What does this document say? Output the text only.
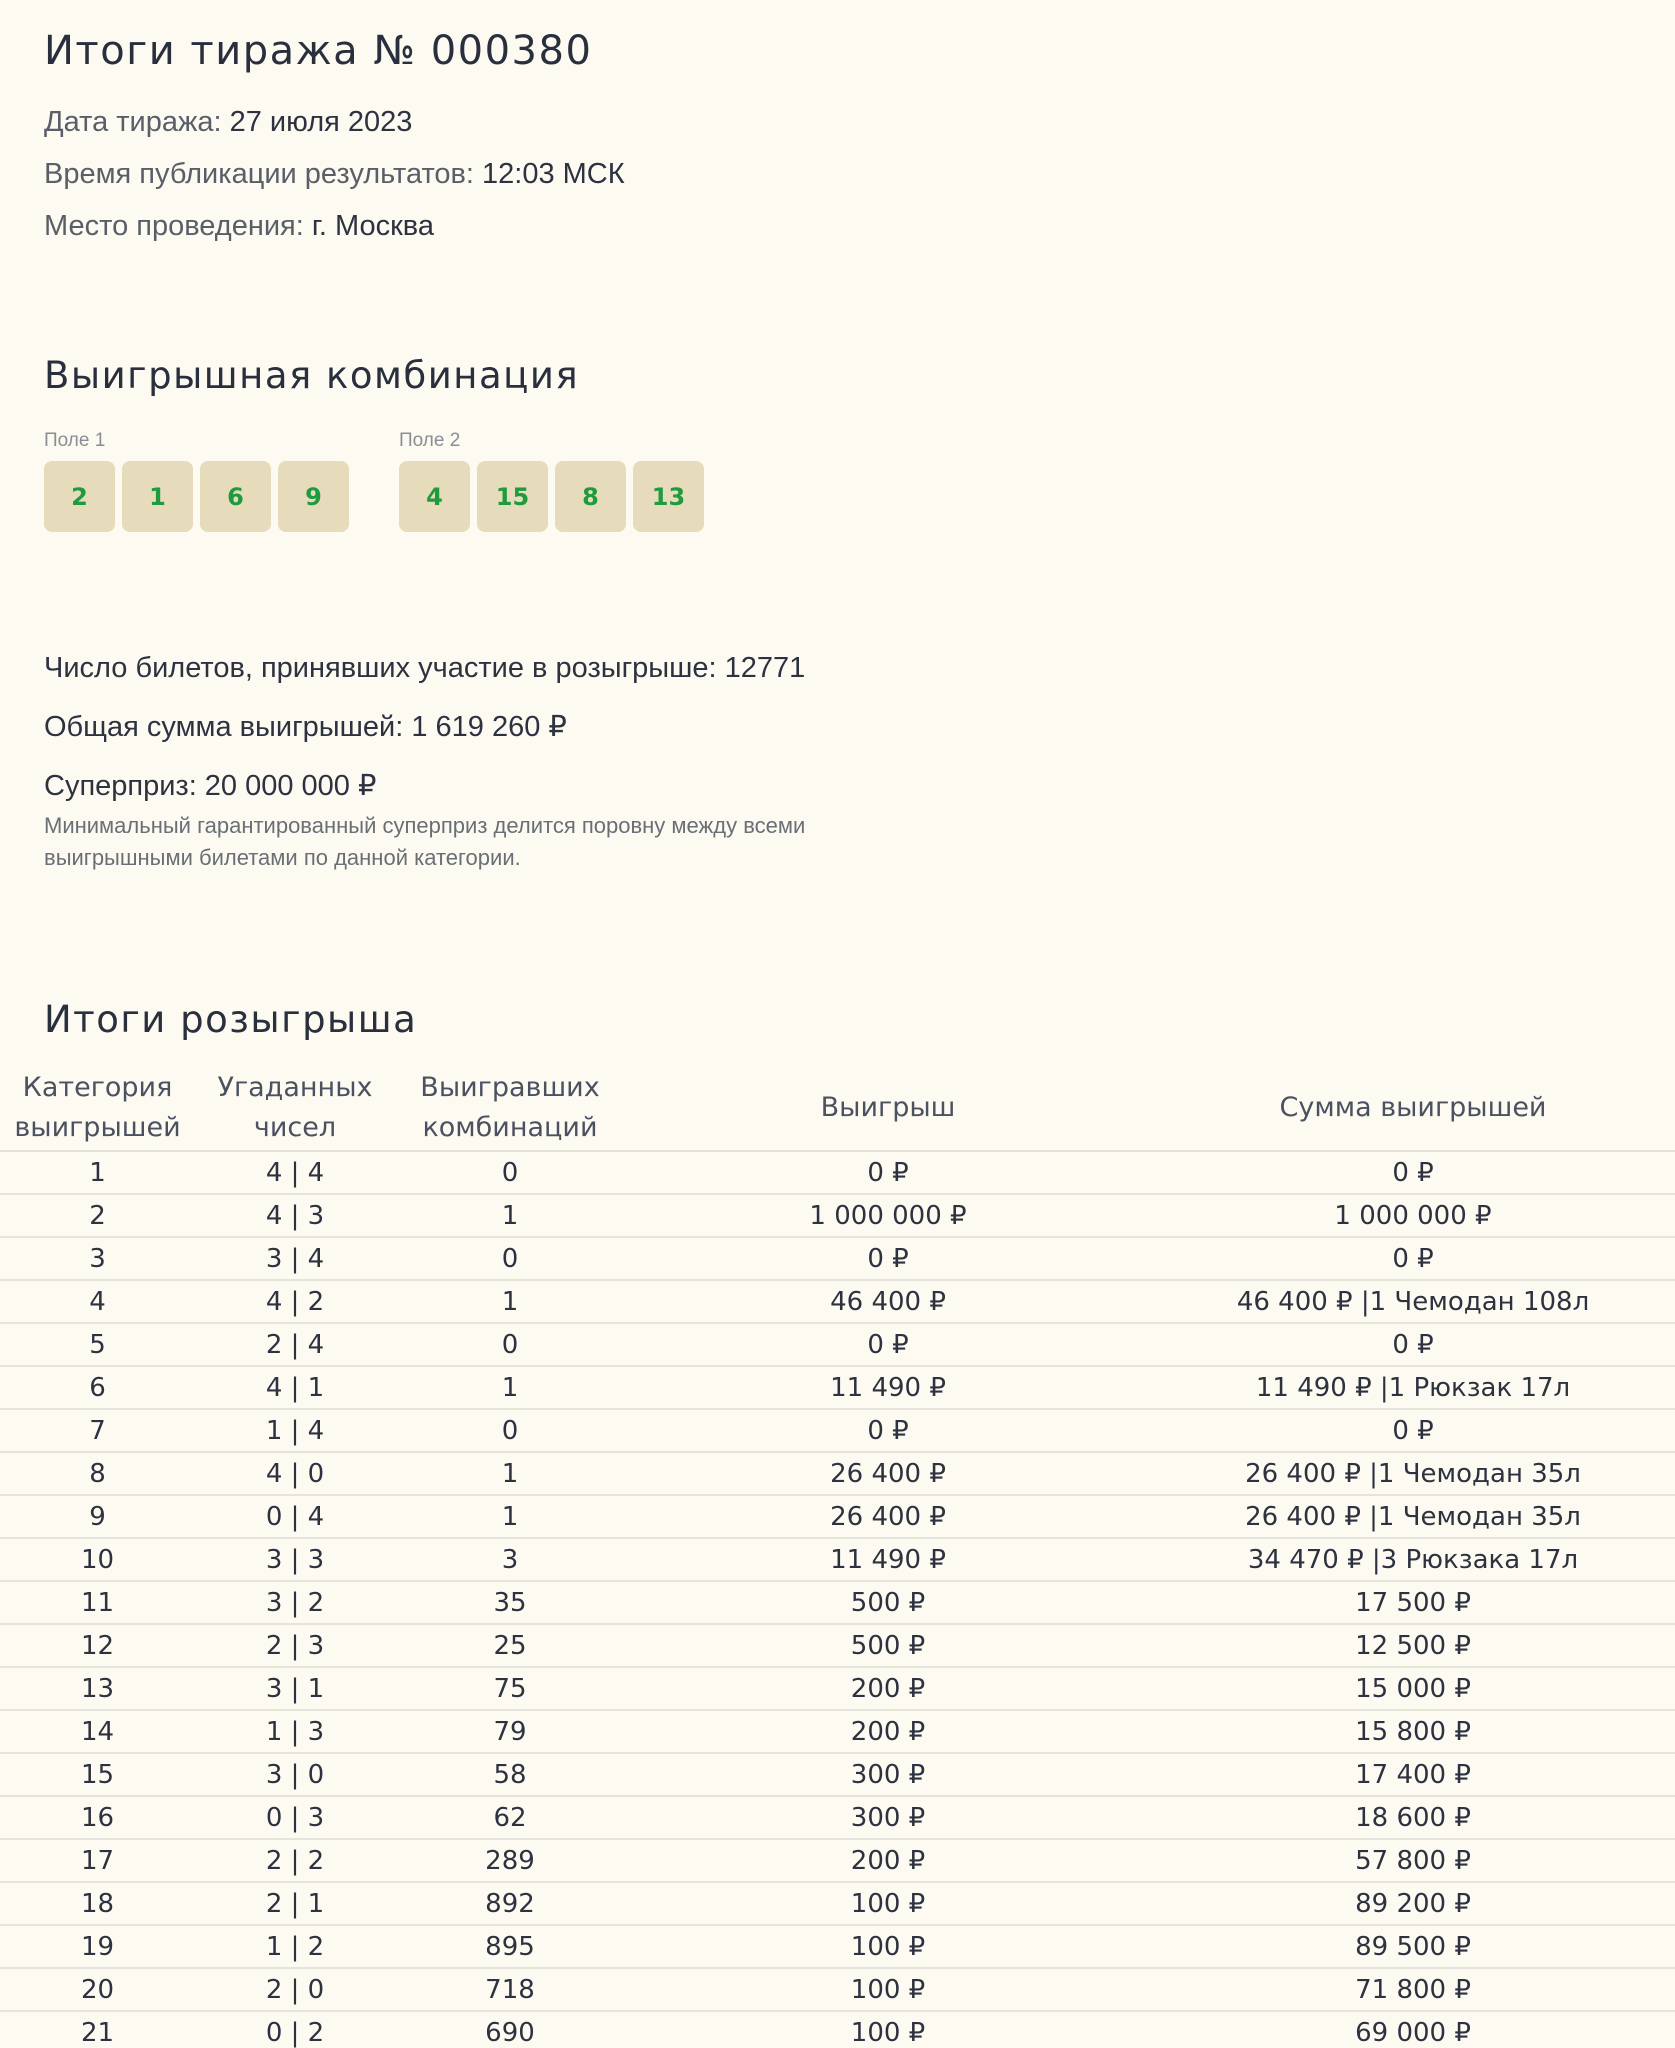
Итоги тиража № 000380
Дата тиража: 27 июля 2023
Время публикации результатов: 12:03 МСК
Место проведения: г. Москва
Выигрышная комбинация
Поле 1
2	1	6	9
Поле 2
4	15	8	13
Число билетов, принявших участие в розыгрыше: 12771
Общая сумма выигрышей: 1 619 260 ₽
Суперприз: 20 000 000 ₽

Минимальный гарантированный суперприз делится поровну между всеми выигрышными билетами по данной категории.

Итоги розыгрыша
Категория выигрышей	Угаданных чисел	Выигравших комбинаций	Выигрыш	Сумма выигрышей
1	4 | 4	0	0 ₽	0 ₽
2	4 | 3	1	1 000 000 ₽	1 000 000 ₽
3	3 | 4	0	0 ₽	0 ₽
4	4 | 2	1	46 400 ₽	46 400 ₽ |1 Чемодан 108л
5	2 | 4	0	0 ₽	0 ₽
6	4 | 1	1	11 490 ₽	11 490 ₽ |1 Рюкзак 17л
7	1 | 4	0	0 ₽	0 ₽
8	4 | 0	1	26 400 ₽	26 400 ₽ |1 Чемодан 35л
9	0 | 4	1	26 400 ₽	26 400 ₽ |1 Чемодан 35л
10	3 | 3	3	11 490 ₽	34 470 ₽ |3 Рюкзака 17л
11	3 | 2	35	500 ₽	17 500 ₽
12	2 | 3	25	500 ₽	12 500 ₽
13	3 | 1	75	200 ₽	15 000 ₽
14	1 | 3	79	200 ₽	15 800 ₽
15	3 | 0	58	300 ₽	17 400 ₽
16	0 | 3	62	300 ₽	18 600 ₽
17	2 | 2	289	200 ₽	57 800 ₽
18	2 | 1	892	100 ₽	89 200 ₽
19	1 | 2	895	100 ₽	89 500 ₽
20	2 | 0	718	100 ₽	71 800 ₽
21	0 | 2	690	100 ₽	69 000 ₽
